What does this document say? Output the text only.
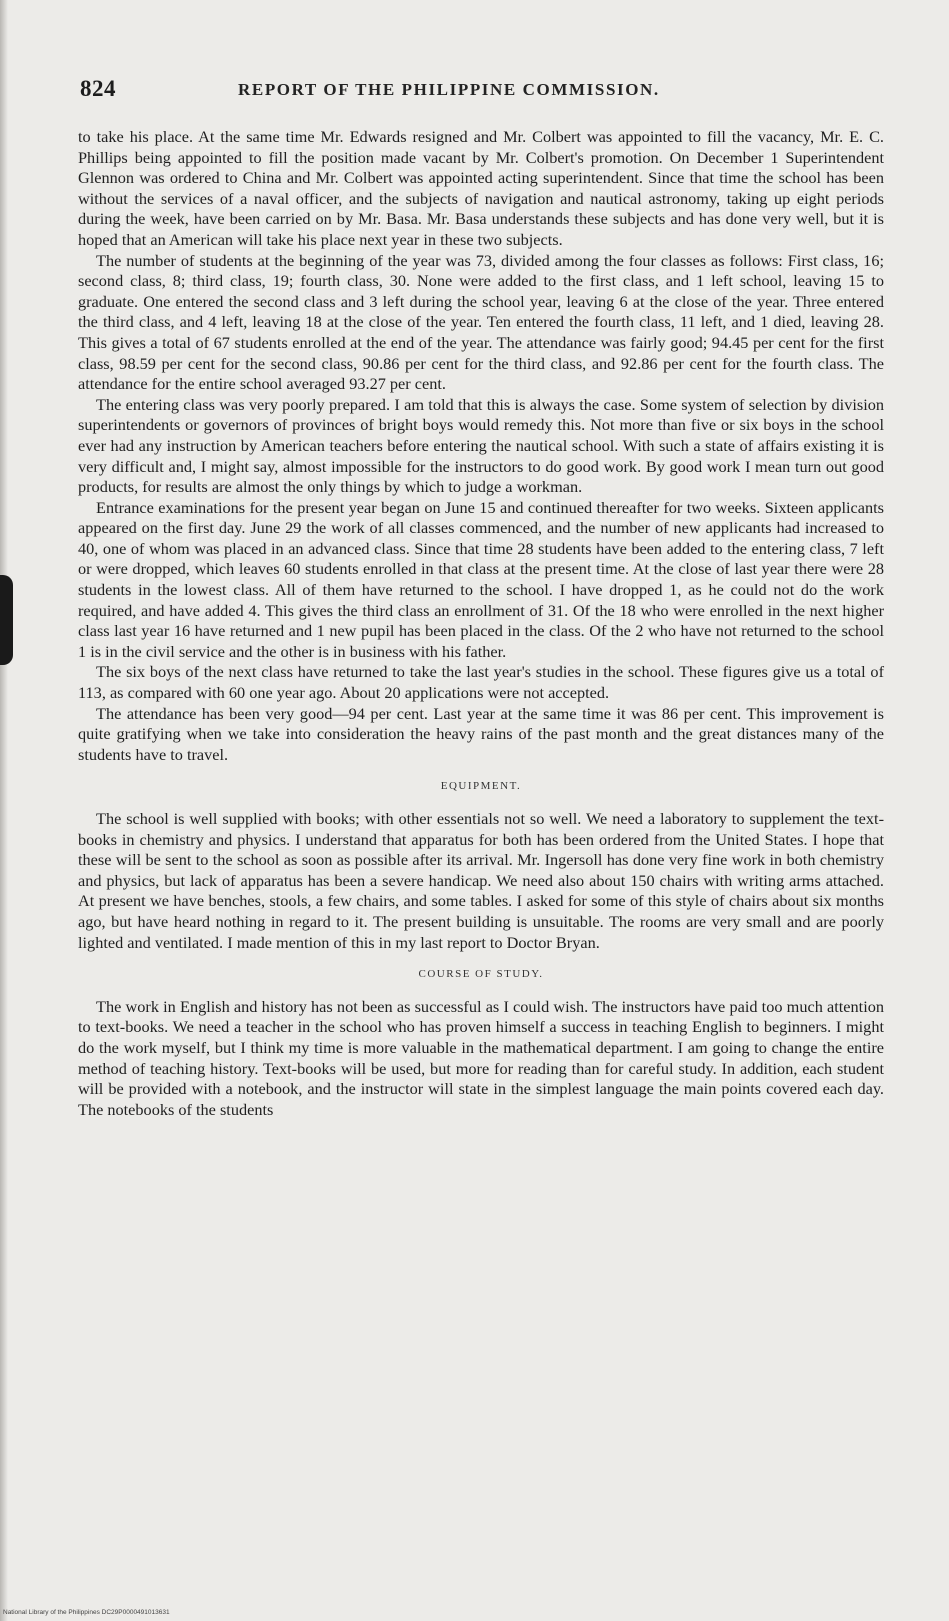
824	REPORT OF THE PHILIPPINE COMMISSION.

to take his place. At the same time Mr. Edwards resigned and Mr. Colbert was appointed to fill the vacancy, Mr. E. C. Phillips being appointed to fill the position made vacant by Mr. Colbert's promotion. On December 1 Superintendent Glennon was ordered to China and Mr. Colbert was appointed acting superintendent. Since that time the school has been without the services of a naval officer, and the subjects of navigation and nautical astronomy, taking up eight periods during the week, have been carried on by Mr. Basa. Mr. Basa understands these subjects and has done very well, but it is hoped that an American will take his place next year in these two subjects.

The number of students at the beginning of the year was 73, divided among the four classes as follows: First class, 16; second class, 8; third class, 19; fourth class, 30. None were added to the first class, and 1 left school, leaving 15 to graduate. One entered the second class and 3 left during the school year, leaving 6 at the close of the year. Three entered the third class, and 4 left, leaving 18 at the close of the year. Ten entered the fourth class, 11 left, and 1 died, leaving 28. This gives a total of 67 students enrolled at the end of the year. The attendance was fairly good; 94.45 per cent for the first class, 98.59 per cent for the second class, 90.86 per cent for the third class, and 92.86 per cent for the fourth class. The attendance for the entire school averaged 93.27 per cent.

The entering class was very poorly prepared. I am told that this is always the case. Some system of selection by division superintendents or governors of provinces of bright boys would remedy this. Not more than five or six boys in the school ever had any instruction by American teachers before entering the nautical school. With such a state of affairs existing it is very difficult and, I might say, almost impossible for the instructors to do good work. By good work I mean turn out good products, for results are almost the only things by which to judge a workman.

Entrance examinations for the present year began on June 15 and continued thereafter for two weeks. Sixteen applicants appeared on the first day. June 29 the work of all classes commenced, and the number of new applicants had increased to 40, one of whom was placed in an advanced class. Since that time 28 students have been added to the entering class, 7 left or were dropped, which leaves 60 students enrolled in that class at the present time. At the close of last year there were 28 students in the lowest class. All of them have returned to the school. I have dropped 1, as he could not do the work required, and have added 4. This gives the third class an enrollment of 31. Of the 18 who were enrolled in the next higher class last year 16 have returned and 1 new pupil has been placed in the class. Of the 2 who have not returned to the school 1 is in the civil service and the other is in business with his father.

The six boys of the next class have returned to take the last year's studies in the school. These figures give us a total of 113, as compared with 60 one year ago. About 20 applications were not accepted.

The attendance has been very good—94 per cent. Last year at the same time it was 86 per cent. This improvement is quite gratifying when we take into consideration the heavy rains of the past month and the great distances many of the students have to travel.

EQUIPMENT.

The school is well supplied with books; with other essentials not so well. We need a laboratory to supplement the text-books in chemistry and physics. I understand that apparatus for both has been ordered from the United States. I hope that these will be sent to the school as soon as possible after its arrival. Mr. Ingersoll has done very fine work in both chemistry and physics, but lack of apparatus has been a severe handicap. We need also about 150 chairs with writing arms attached. At present we have benches, stools, a few chairs, and some tables. I asked for some of this style of chairs about six months ago, but have heard nothing in regard to it. The present building is unsuitable. The rooms are very small and are poorly lighted and ventilated. I made mention of this in my last report to Doctor Bryan.

COURSE OF STUDY.

The work in English and history has not been as successful as I could wish. The instructors have paid too much attention to text-books. We need a teacher in the school who has proven himself a success in teaching English to beginners. I might do the work myself, but I think my time is more valuable in the mathematical department. I am going to change the entire method of teaching history. Text-books will be used, but more for reading than for careful study. In addition, each student will be provided with a notebook, and the instructor will state in the simplest language the main points covered each day. The notebooks of the students

National Library of the Philippines DC29P0000491013631
